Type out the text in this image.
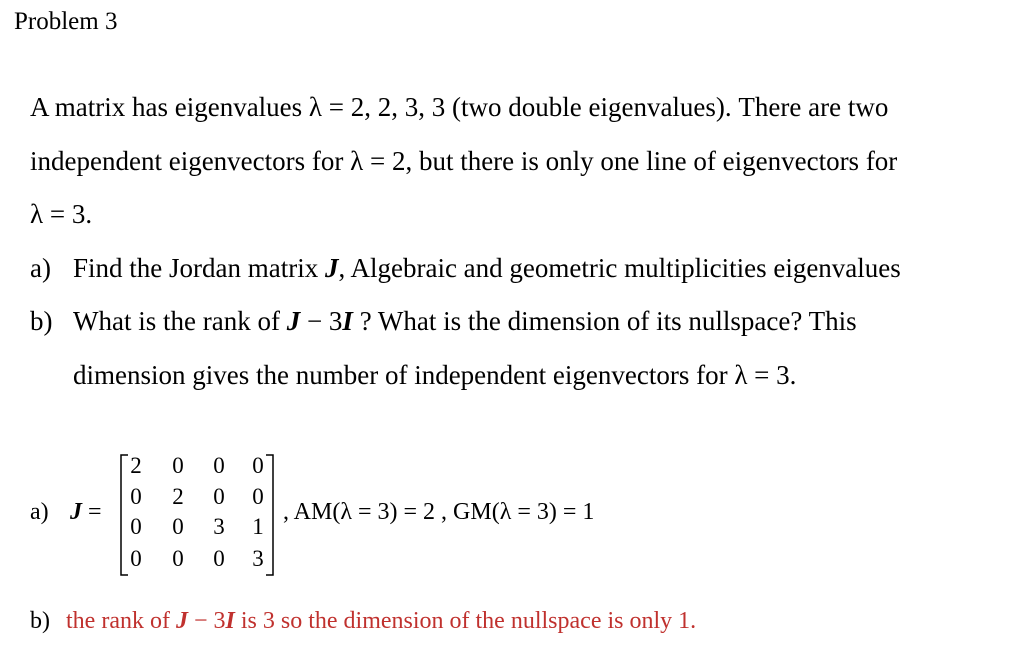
Problem 3
A matrix has eigenvalues λ = 2, 2, 3, 3 (two double eigenvalues). There are two
independent eigenvectors for λ = 2, but there is only one line of eigenvectors for
λ = 3.
a) Find the Jordan matrix J, Algebraic and geometric multiplicities eigenvalues
b) What is the rank of J − 3I ? What is the dimension of its nullspace? This
dimension gives the number of independent eigenvectors for λ = 3.
a) J =
2 0 0 0
0 2 0 0
0 0 3 1
0 0 0 3
, AM(λ = 3) = 2 , GM(λ = 3) = 1
b) the rank of J − 3I is 3 so the dimension of the nullspace is only 1.
